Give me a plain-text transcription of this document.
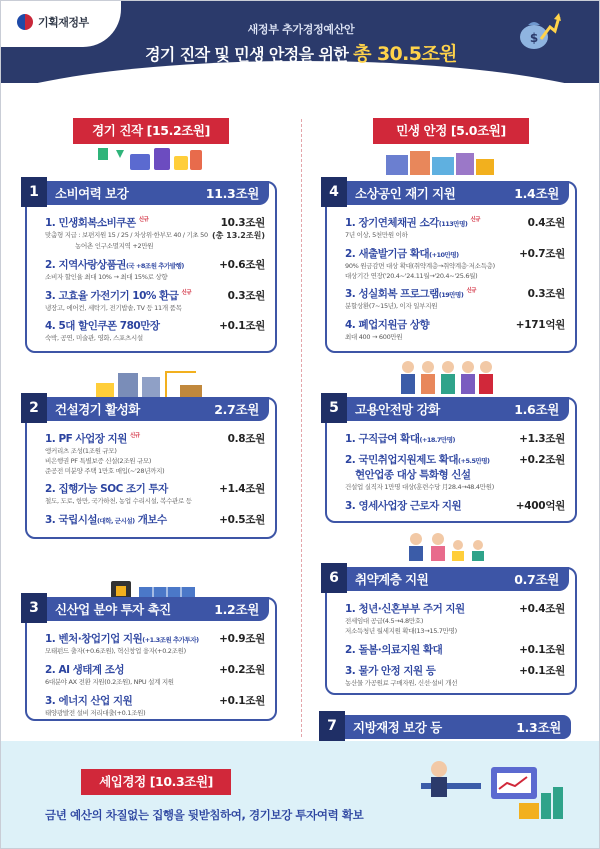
기획재정부
새정부 추가경정예산안
경기 진작 및 민생 안정을 위한 총 30.5조원
$
경기 진작 [15.2조원]	민생 안정 [5.0조원]
1	소비여력 보강	11.3조원
1. 민생회복소비쿠폰 $^{신규}$	10.3조원
맞춤형 지급 : 보편지원 15 / 25 / 차상위·한부모 40 / 기초 50 (총 13.2조원)
농어촌 인구소멸지역 +2만원
2. 지역사랑상품권(국 +8조원 추가발행)	+0.6조원
소비자 할인율 최대 10% → 최대 15%로 상향
3. 고효율 가전기기 10% 환급 $^{신규}$	0.3조원
냉장고, 에어컨, 세탁기, 전기밥솥, TV 등 11개 품목
4. 5대 할인쿠폰 780만장	+0.1조원
숙박, 공연, 미술관, 영화, 스포츠시설
2	건설경기 활성화	2.7조원
1. PF 사업장 지원 $^{신규}$	0.8조원
앵커리츠 조성(1조원 규모)
비은행권 PF 특별보증 신설(2조원 규모)
준공전 미분양 주택 1만호 매입(~'28년까지)
2. 집행가능 SOC 조기 투자	+1.4조원
철도, 도로, 항만, 국가하천, 농업 수리시설, 복수관로 등
3. 국립시설(대학, 군시설) 개보수	+0.5조원
3	신산업 분야 투자 촉진	1.2조원
1. 벤처·창업기업 지원(+1.3조원 추가투자) +0.9조원
모태펀드 출자(+0.6조원), 혁신창업 융자(+0.2조원)
2. AI 생태계 조성	+0.2조원
6대분야 AX 전환 지원(0.2조원), NPU 설계 지원
3. 에너지 산업 지원	+0.1조원
태양광발전 설비 저리대출(+0.1조원)
4	소상공인 재기 지원	1.4조원
1. 장기연체채권 소각(113만명) $^{신규}$	0.4조원
7년 이상, 5천만원 이하
2. 새출발기금 확대(+10만명)	+0.7조원
90% 원금감면 대상 확대(취약계층→취약계층·저소득층)
대상기간 연장('20.4~'24.11월→'20.4~'25.6월)
3. 성실회복 프로그램(19만명) $^{신규}$	0.3조원
분할상환(7~15년), 이자 일부지원
4. 폐업지원금 상향	+171억원
최대 400 → 600만원
5	고용안전망 강화	1.6조원
1. 구직급여 확대(+18.7만명)	+1.3조원
2. 국민취업지원제도 확대(+5.5만명)	+0.2조원
현안업종 대상 특화형 신설
건설업 실직자 1만명 대상(훈련수당 月28.4→48.4만원)
3. 영세사업장 근로자 지원	+400억원
6	취약계층 지원	0.7조원
1. 청년·신혼부부 주거 지원	+0.4조원
전세임대 공급(4.5→4.8만호)
저소득청년 월세지원 확대(13→15.7만명)
2. 돌봄·의료지원 확대	+0.1조원
3. 물가 안정 지원 등	+0.1조원
농산물 가공원료 구매자원, 신선·설비 개선
7	지방재정 보강 등	1.3조원
세입경정 [10.3조원]
금년 예산의 차질없는 집행을 뒷받침하여, 경기보강 투자여력 확보
